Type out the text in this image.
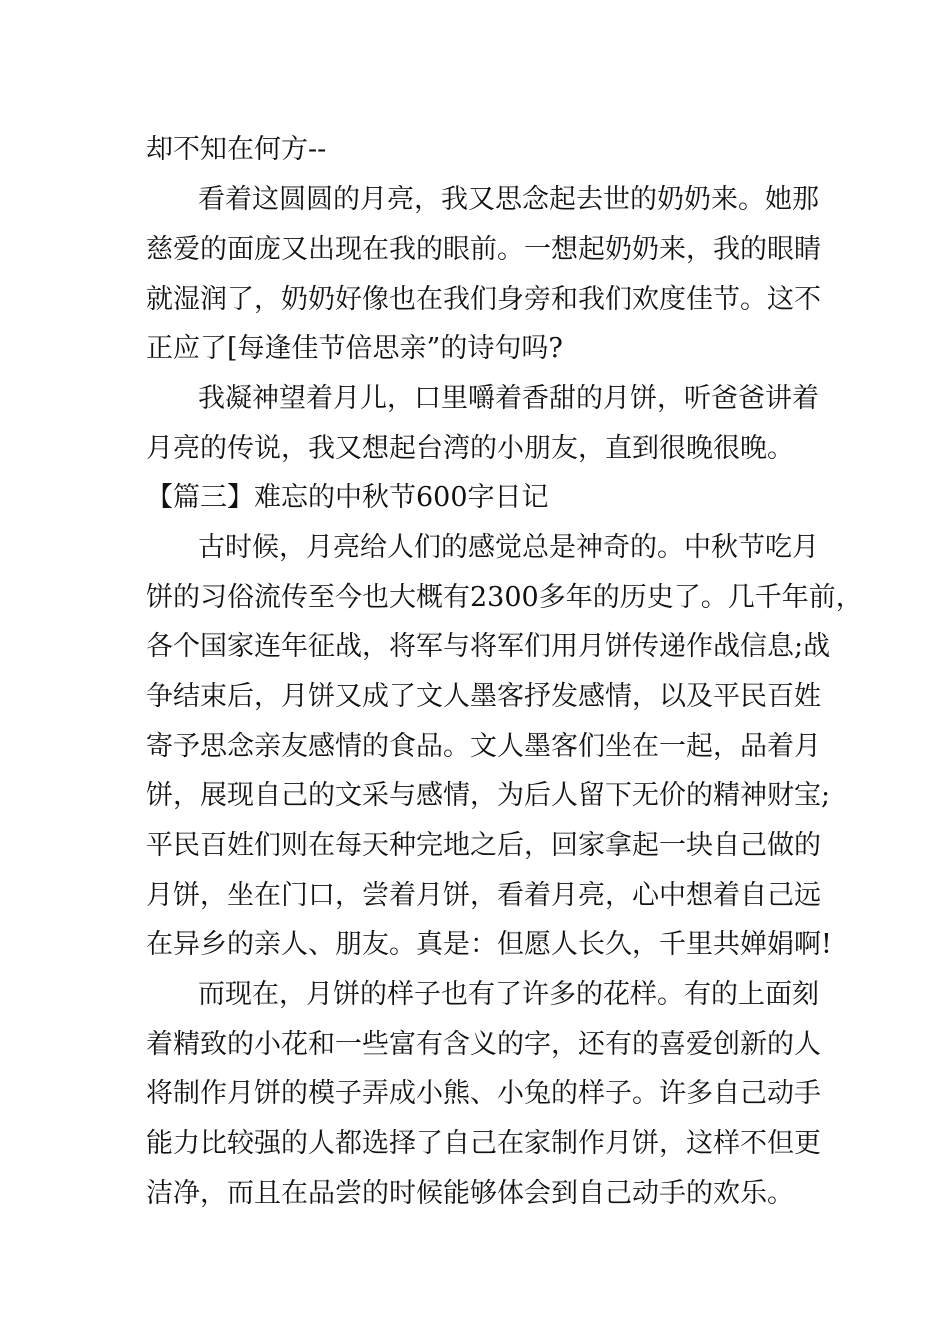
却不知在何方--

看着这圆圆的月亮，我又思念起去世的奶奶来。她那

慈爱的面庞又出现在我的眼前。一想起奶奶来，我的眼睛

就湿润了，奶奶好像也在我们身旁和我们欢度佳节。这不

正应了[每逢佳节倍思亲”的诗句吗?

我凝神望着月儿，口里嚼着香甜的月饼，听爸爸讲着

月亮的传说，我又想起台湾的小朋友，直到很晚很晚。

【篇三】难忘的中秋节600字日记

古时候，月亮给人们的感觉总是神奇的。中秋节吃月

饼的习俗流传至今也大概有2300多年的历史了。几千年前，

各个国家连年征战，将军与将军们用月饼传递作战信息;战

争结束后，月饼又成了文人墨客抒发感情，以及平民百姓

寄予思念亲友感情的食品。文人墨客们坐在一起，品着月

饼，展现自己的文采与感情，为后人留下无价的精神财宝;

平民百姓们则在每天种完地之后，回家拿起一块自己做的

月饼，坐在门口，尝着月饼，看着月亮，心中想着自己远

在异乡的亲人、朋友。真是：但愿人长久，千里共婵娟啊!

而现在，月饼的样子也有了许多的花样。有的上面刻

着精致的小花和一些富有含义的字，还有的喜爱创新的人

将制作月饼的模子弄成小熊、小兔的样子。许多自己动手

能力比较强的人都选择了自己在家制作月饼，这样不但更

洁净，而且在品尝的时候能够体会到自己动手的欢乐。
